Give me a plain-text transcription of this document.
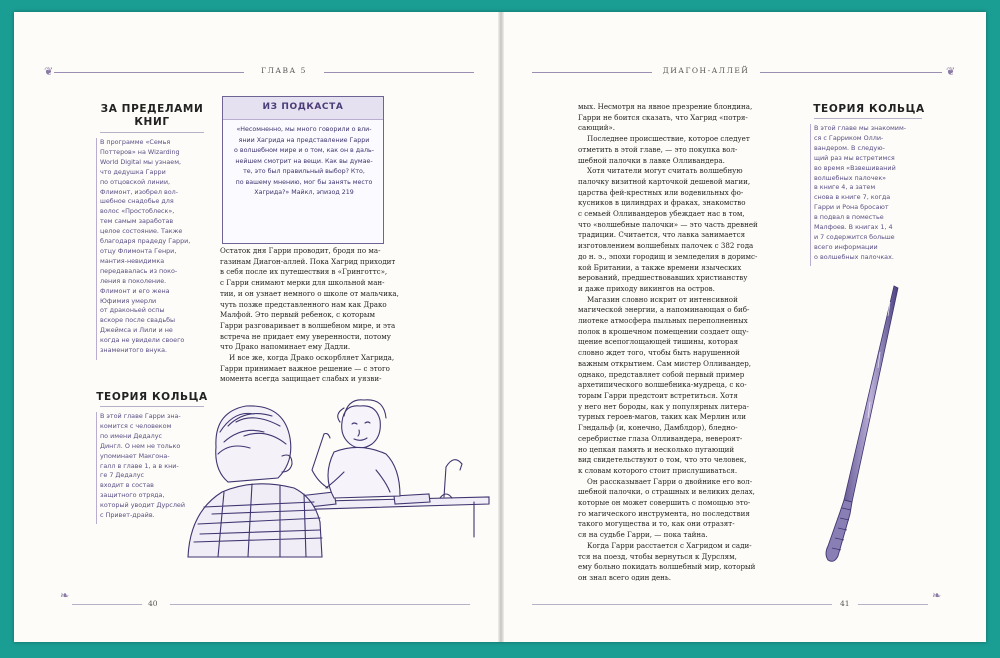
❦	ГЛАВА 5
ЗА ПРЕДЕЛАМИ
КНИГ
В программе «Семья
Поттеров» на Wizarding
World Digital мы узнаем,
что дедушка Гарри
по отцовской линии,
Флимонт, изобрел вол-
шебное снадобье для
волос «Простоблеск»,
тем самым заработав
целое состояние. Также
благодаря прадеду Гарри,
отцу Флимонта Генри,
мантия-невидимка
передавалась из поко-
ления в поколение.
Флимонт и его жена
Юфимия умерли
от драконьей оспы
вскоре после свадьбы
Джеймса и Лили и не
когда не увидели своего
знаменитого внука.
ТЕОРИЯ КОЛЬЦА
В этой главе Гарри зна-
комится с человеком
по имени Дедалус
Дингл. О нем не только
упоминает Макгона-
галл в главе 1, а в кни-
ге 7 Дедалус
входит в состав
защитного отряда,
который уводит Дурслей
с Привет-драйв.
ИЗ ПОДКАСТА
«Несомненно, мы много говорили о вли-
янии Хагрида на представление Гарри
о волшебном мире и о том, как он в даль-
нейшем смотрит на вещи. Как вы думае-
те, это был правильный выбор? Кто,
по вашему мнению, мог бы занять место
Хагрида?» Майкл, эпизод 219
Остаток дня Гарри проводит, бродя по ма-
газинам Диагон-аллей. Пока Хагрид приходит
в себя после их путешествия в «Гринготтс»,
с Гарри снимают мерки для школьной ман-
тии, и он узнает немного о школе от мальчика,
чуть позже представленного нам как Драко
Малфой. Это первый ребенок, с которым
Гарри разговаривает в волшебном мире, и эта
встреча не придает ему уверенности, потому
что Драко напоминает ему Дадли.
И все же, когда Драко оскорбляет Хагрида,
Гарри принимает важное решение — с этого
момента всегда защищает слабых и уязви-
❧
40
❦
ДИАГОН-АЛЛЕЙ
мых. Несмотря на явное презрение блондина,
Гарри не боится сказать, что Хагрид «потря-
сающий».
Последнее происшествие, которое следует
отметить в этой главе, — это покупка вол-
шебной палочки в лавке Олливандера.
Хотя читатели могут считать волшебную
палочку визитной карточкой дешевой магии,
царства фей-крестных или водевильных фо-
кусников в цилиндрах и фраках, знакомство
с семьей Олливандеров убеждает нас в том,
что «волшебные палочки» — это часть древней
традиции. Считается, что лавка занимается
изготовлением волшебных палочек с 382 года
до н. э., эпохи городищ и земледелия в доримс-
кой Британии, а также времени языческих
верований, предшествовавших христианству
и даже приходу викингов на остров.
Магазин словно искрит от интенсивной
магической энергии, а напоминающая о биб-
лиотеке атмосфера пыльных переполненных
полок в крошечном помещении создает ощу-
щение всепоглощающей тишины, которая
словно ждет того, чтобы быть нарушенной
важным открытием. Сам мистер Олливандер,
однако, представляет собой первый пример
архетипического волшебника-мудреца, с ко-
торым Гарри предстоит встретиться. Хотя
у него нет бороды, как у популярных литера-
турных героев-магов, таких как Мерлин или
Гэндальф (и, конечно, Дамблдор), бледно-
серебристые глаза Олливандера, невероят-
но цепкая память и несколько пугающий
вид свидетельствуют о том, что это человек,
к словам которого стоит прислушиваться.
Он рассказывает Гарри о двойнике его вол-
шебной палочки, о страшных и великих делах,
которые он может совершить с помощью это-
го магического инструмента, но последствия
такого могущества и то, как они отразят-
ся на судьбе Гарри, — пока тайна.
Когда Гарри расстается с Хагридом и сади-
тся на поезд, чтобы вернуться к Дурслям,
ему больно покидать волшебный мир, который
он знал всего один день.
ТЕОРИЯ КОЛЬЦА
В этой главе мы знакомим-
ся с Гарриком Олли-
вандером. В следую-
щий раз мы встретимся
во время «Взвешиваний
волшебных палочек»
в книге 4, а затем
снова в книге 7, когда
Гарри и Рона бросают
в подвал в поместье
Малфоев. В книгах 1, 4
и 7 содержится больше
всего информации
о волшебных палочках.
41
❧
